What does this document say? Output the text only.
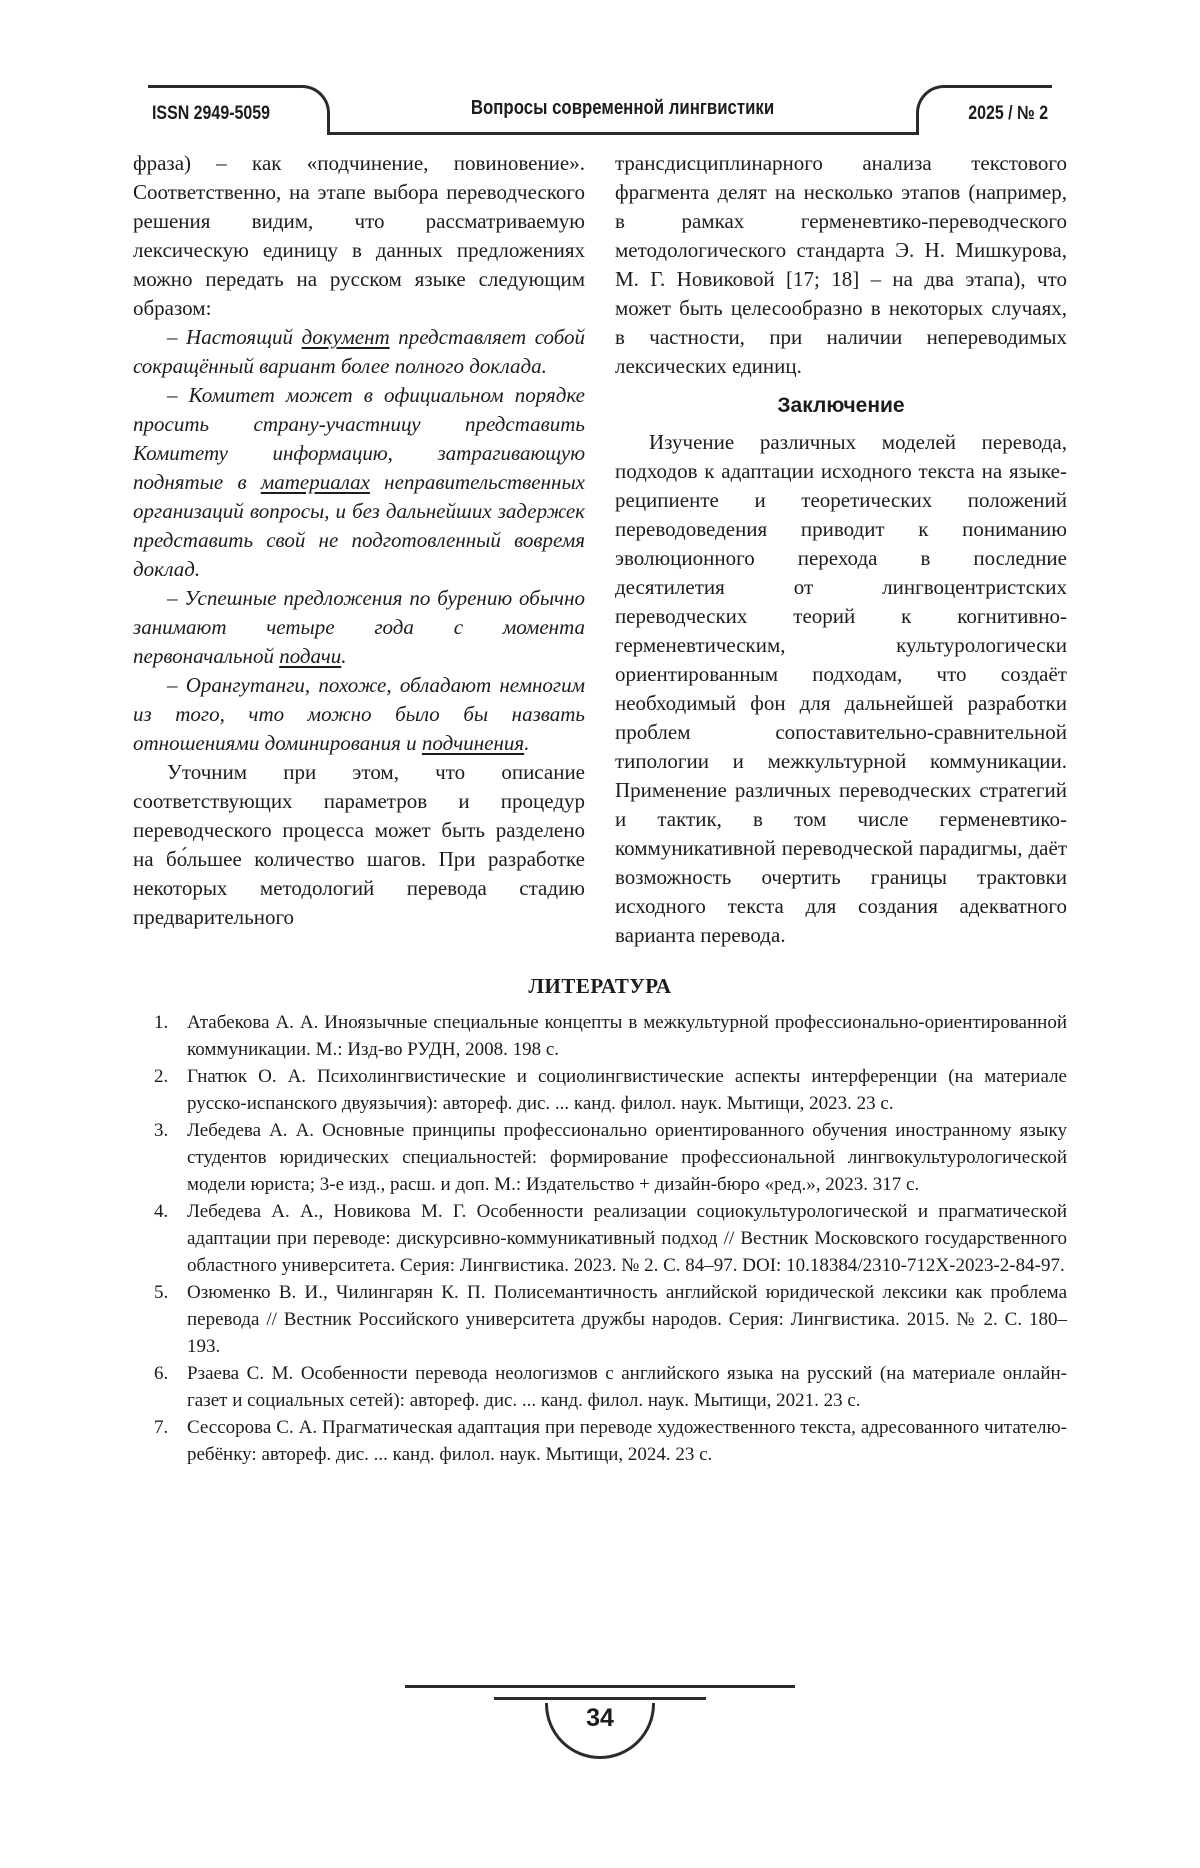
ISSN 2949-5059	Вопросы современной лингвистики	2025 / № 2

фраза) – как «подчинение, повиновение». Соответственно, на этапе выбора переводческого решения видим, что рассматриваемую лексическую единицу в данных предложениях можно передать на русском языке следующим образом:

– Настоящий документ представляет собой сокращённый вариант более полного доклада.

– Комитет может в официальном порядке просить страну-участницу представить Комитету информацию, затрагивающую поднятые в материалах неправительственных организаций вопросы, и без дальнейших задержек представить свой не подготовленный вовремя доклад.

– Успешные предложения по бурению обычно занимают четыре года с момента первоначальной подачи.

– Орангутанги, похоже, обладают немногим из того, что можно было бы назвать отношениями доминирования и подчинения.

Уточним при этом, что описание соответствующих параметров и процедур переводческого процесса может быть разделено на бо́льшее количество шагов. При разработке некоторых методологий перевода стадию предварительного

трансдисциплинарного анализа текстового фрагмента делят на несколько этапов (например, в рамках герменевтико-переводческого методологического стандарта Э. Н. Мишкурова, М. Г. Новиковой [17; 18] – на два этапа), что может быть целесообразно в некоторых случаях, в частности, при наличии непереводимых лексических единиц.

Заключение

Изучение различных моделей перевода, подходов к адаптации исходного текста на языке-реципиенте и теоретических положений переводоведения приводит к пониманию эволюционного перехода в последние десятилетия от лингвоцентристских переводческих теорий к когнитивно-герменевтическим, культурологически ориентированным подходам, что создаёт необходимый фон для дальнейшей разработки проблем сопоставительно-сравнительной типологии и межкультурной коммуникации. Применение различных переводческих стратегий и тактик, в том числе герменевтико-коммуникативной переводческой парадигмы, даёт возможность очертить границы трактовки исходного текста для создания адекватного варианта перевода.

ЛИТЕРАТУРА
Атабекова А. А. Иноязычные специальные концепты в межкультурной профессионально-ориентированной коммуникации. М.: Изд-во РУДН, 2008. 198 с.
Гнатюк О. А. Психолингвистические и социолингвистические аспекты интерференции (на материале русско-испанского двуязычия): автореф. дис. ... канд. филол. наук. Мытищи, 2023. 23 с.
Лебедева А. А. Основные принципы профессионально ориентированного обучения иностранному языку студентов юридических специальностей: формирование профессиональной лингвокультурологической модели юриста; 3-е изд., расш. и доп. М.: Издательство + дизайн-бюро «ред.», 2023. 317 с.
Лебедева А. А., Новикова М. Г. Особенности реализации социокультурологической и прагматической адаптации при переводе: дискурсивно-коммуникативный подход // Вестник Московского государственного областного университета. Серия: Лингвистика. 2023. № 2. С. 84–97. DOI: 10.18384/2310-712X-2023-2-84-97.
Озюменко В. И., Чилингарян К. П. Полисемантичность английской юридической лексики как проблема перевода // Вестник Российского университета дружбы народов. Серия: Лингвистика. 2015. № 2. С. 180–193.
Рзаева С. М. Особенности перевода неологизмов с английского языка на русский (на материале онлайн-газет и социальных сетей): автореф. дис. ... канд. филол. наук. Мытищи, 2021. 23 с.
Сессорова С. А. Прагматическая адаптация при переводе художественного текста, адресованного читателю-ребёнку: автореф. дис. ... канд. филол. наук. Мытищи, 2024. 23 с.
34
